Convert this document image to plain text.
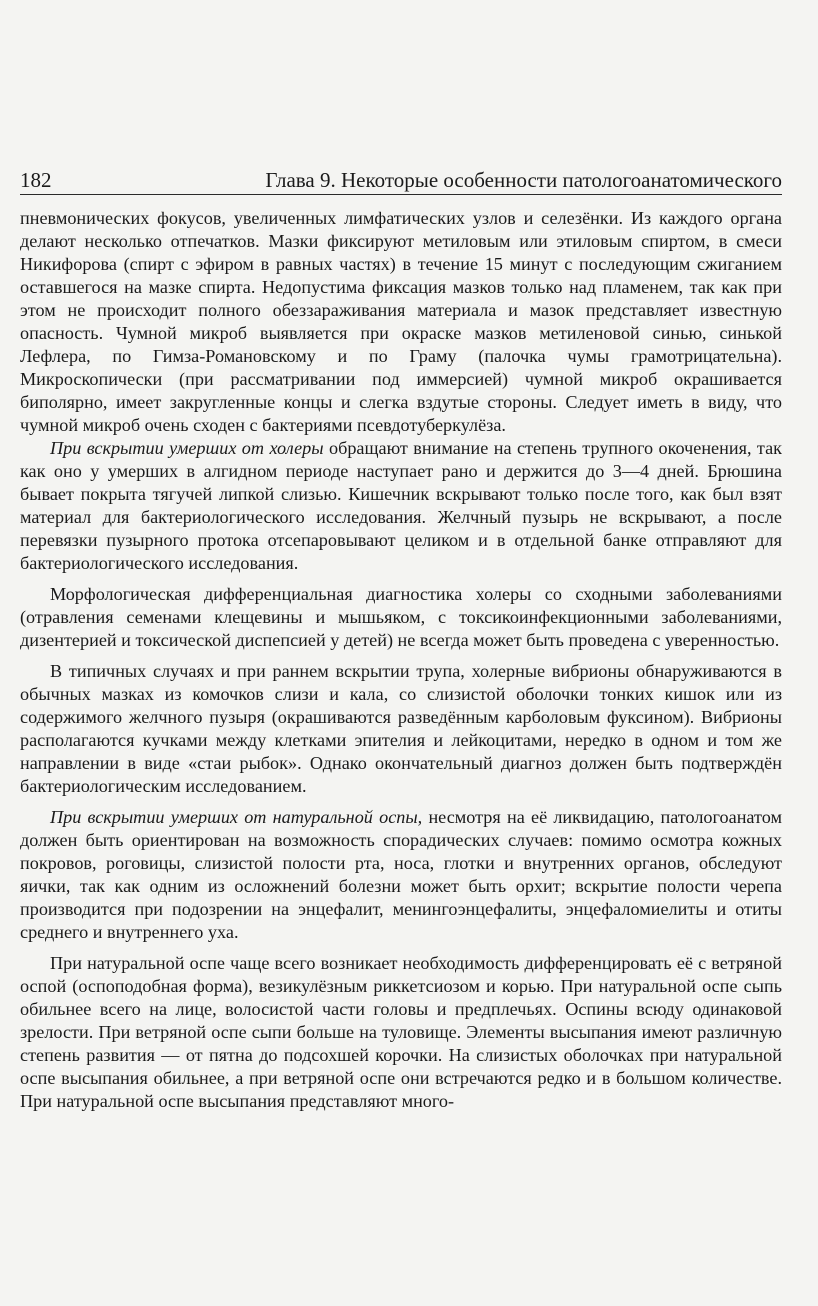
182	Глава 9. Некоторые особенности патологоанатомического

пневмонических фокусов, увеличенных лимфатических узлов и селезёнки. Из каждого органа делают несколько отпечатков. Мазки фиксируют метиловым или этиловым спиртом, в смеси Никифорова (спирт с эфиром в равных частях) в течение 15 минут с последующим сжиганием оставшегося на мазке спирта. Недопустима фиксация мазков только над пламенем, так как при этом не происходит полного обеззараживания материала и мазок представляет известную опасность. Чумной микроб выявляется при окраске мазков метиленовой синью, синькой Лефлера, по Гимза-Романовскому и по Граму (палочка чумы грамотрицательна). Микроскопически (при рассматривании под иммерсией) чумной микроб окрашивается биполярно, имеет закругленные концы и слегка вздутые стороны. Следует иметь в виду, что чумной микроб очень сходен с бактериями псевдотуберкулёза.

При вскрытии умерших от холеры обращают внимание на степень трупного окоченения, так как оно у умерших в алгидном периоде наступает рано и держится до 3—4 дней. Брюшина бывает покрыта тягучей липкой слизью. Кишечник вскрывают только после того, как был взят материал для бактериологического исследования. Желчный пузырь не вскрывают, а после перевязки пузырного протока отсепаровывают целиком и в отдельной банке отправляют для бактериологического исследования.

Морфологическая дифференциальная диагностика холеры со сходными заболеваниями (отравления семенами клещевины и мышьяком, с токсикоинфекционными заболеваниями, дизентерией и токсической диспепсией у детей) не всегда может быть проведена с уверенностью.

В типичных случаях и при раннем вскрытии трупа, холерные вибрионы обнаруживаются в обычных мазках из комочков слизи и кала, со слизистой оболочки тонких кишок или из содержимого желчного пузыря (окрашиваются разведённым карболовым фуксином). Вибрионы располагаются кучками между клетками эпителия и лейкоцитами, нередко в одном и том же направлении в виде «стаи рыбок». Однако окончательный диагноз должен быть подтверждён бактериологическим исследованием.

При вскрытии умерших от натуральной оспы, несмотря на её ликвидацию, патологоанатом должен быть ориентирован на возможность спорадических случаев: помимо осмотра кожных покровов, роговицы, слизистой полости рта, носа, глотки и внутренних органов, обследуют яички, так как одним из осложнений болезни может быть орхит; вскрытие полости черепа производится при подозрении на энцефалит, менингоэнцефалиты, энцефаломиелиты и отиты среднего и внутреннего уха.

При натуральной оспе чаще всего возникает необходимость дифференцировать её с ветряной оспой (оспоподобная форма), везикулёзным риккетсиозом и корью. При натуральной оспе сыпь обильнее всего на лице, волосистой части головы и предплечьях. Оспины всюду одинаковой зрелости. При ветряной оспе сыпи больше на туловище. Элементы высыпания имеют различную степень развития — от пятна до подсохшей корочки. На слизистых оболочках при натуральной оспе высыпания обильнее, а при ветряной оспе они встречаются редко и в большом количестве. При натуральной оспе высыпания представляют много-
